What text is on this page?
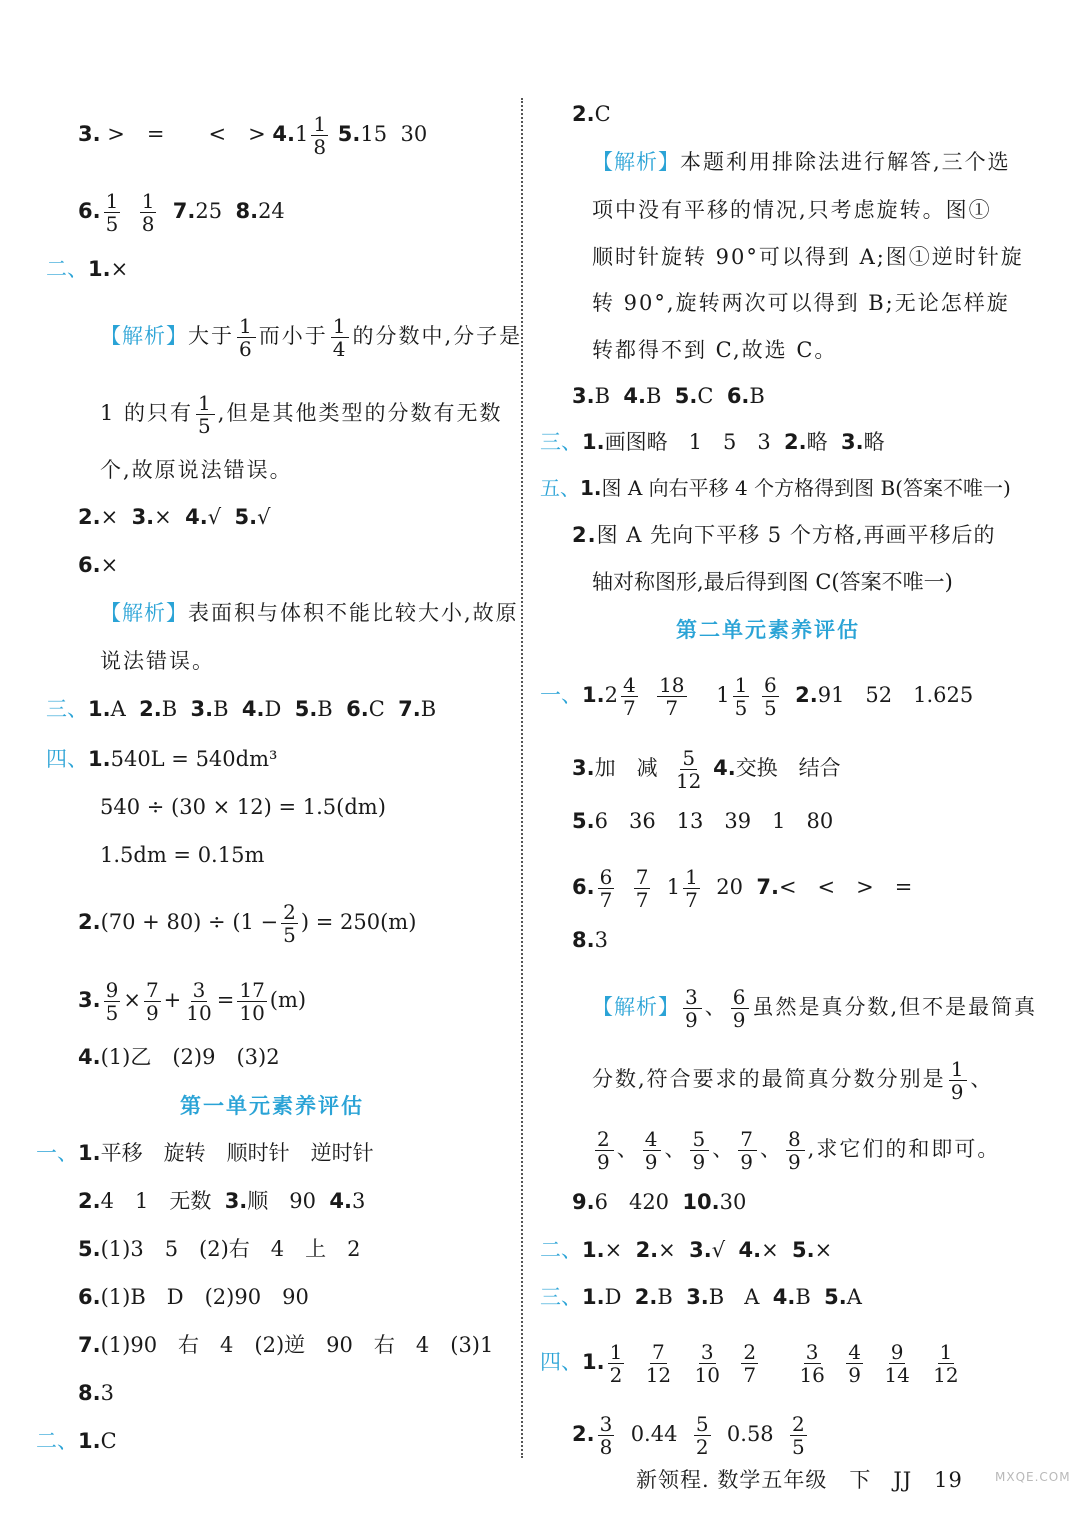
3. > = < > $4.1 \frac{1}{8} 5.15$ 30
6. $\frac{1}{5}$
$\frac{1}{8} 7.25$ 8.24
二、1.×
【解析】大于 $\frac{1}{6}$ 而小于 $\frac{1}{4}$ 的分数中,分子是
1 的只有 $\frac{1}{5}$ ,但是其他类型的分数有无数
个,故原说法错误。
2.× 3.× 4.√ 5.√
6.×
【解析】表面积与体积不能比较大小,故原
说法错误。
三、1.A 2.B 3.B 4.D 5.B 6.C 7.B
四、1.540L = 540dm³
540 ÷ (30 × 12) = 1.5(dm)
1.5dm = 0.15m
$2.(70 + 80) \div (1 - \frac{2}{5}$ ) = 250(m)
3. $\frac{9}{5} \times \frac{7}{9} + \frac{3}{10} = \frac{17}{10} (m)$
4.(1)乙　(2)9　(3)2
第一单元素养评估
一、1.平移　旋转　顺时针　逆时针
2.4　1　无数 3.顺　90 4.3
5.(1)3　5　(2)右　4　上　2
6.(1)B　D　(2)90　90
7.(1)90　右　4　(2)逆　90　右　4　(3)1
8.3
二、1.C
2.C
【解析】本题利用排除法进行解答,三个选
项中没有平移的情况,只考虑旋转。图①
顺时针旋转 90°可以得到 A;图①逆时针旋
转 90°,旋转两次可以得到 B;无论怎样旋
转都得不到 C,故选 C。
3.B 4.B 5.C 6.B
三、1.画图略　1　5　3 2.略 3.略
五、1.图 A 向右平移 4 个方格得到图 B(答案不唯一)
2.图 A 先向下平移 5 个方格,再画平移后的
轴对称图形,最后得到图 C(答案不唯一)
第二单元素养评估
一、$1.2 \frac{4}{7}$
$\frac{18}{7} 1 \frac{1}{5}$
$\frac{6}{5} 2.91$　52　1.625
3.加　减 $\frac{5}{12} 4$.交换　结合
5.6　36　13　39　1　80
6. $\frac{6}{7}$
$\frac{7}{7} 1 \frac{1}{7} 20$ 7.<　<　>　=
8.3
【解析】 $\frac{3}{9}$ 、 $\frac{6}{9}$ 虽然是真分数,但不是最简真
分数,符合要求的最简真分数分别是 $\frac{1}{9}$ 、
$\frac{2}{9}$ 、 $\frac{4}{9}$ 、 $\frac{5}{9}$ 、 $\frac{7}{9}$ 、 $\frac{8}{9}$ ,求它们的和即可。
9.6　420 10.30
二、1.× 2.× 3.√ 4.× 5.×
三、1.D 2.B 3.B A 4.B 5.A
四、1. $\frac{1}{2}$
$\frac{7}{12}$
$\frac{3}{10}$
$\frac{2}{7}$
$\frac{3}{16}$
$\frac{4}{9}$
$\frac{9}{14}$
$\frac{1}{12}$
2. $\frac{3}{8} 0.44 \frac{5}{2} 0.58 \frac{2}{5}$
新领程. 数学五年级　下　JJ　19	MXQE.COM
